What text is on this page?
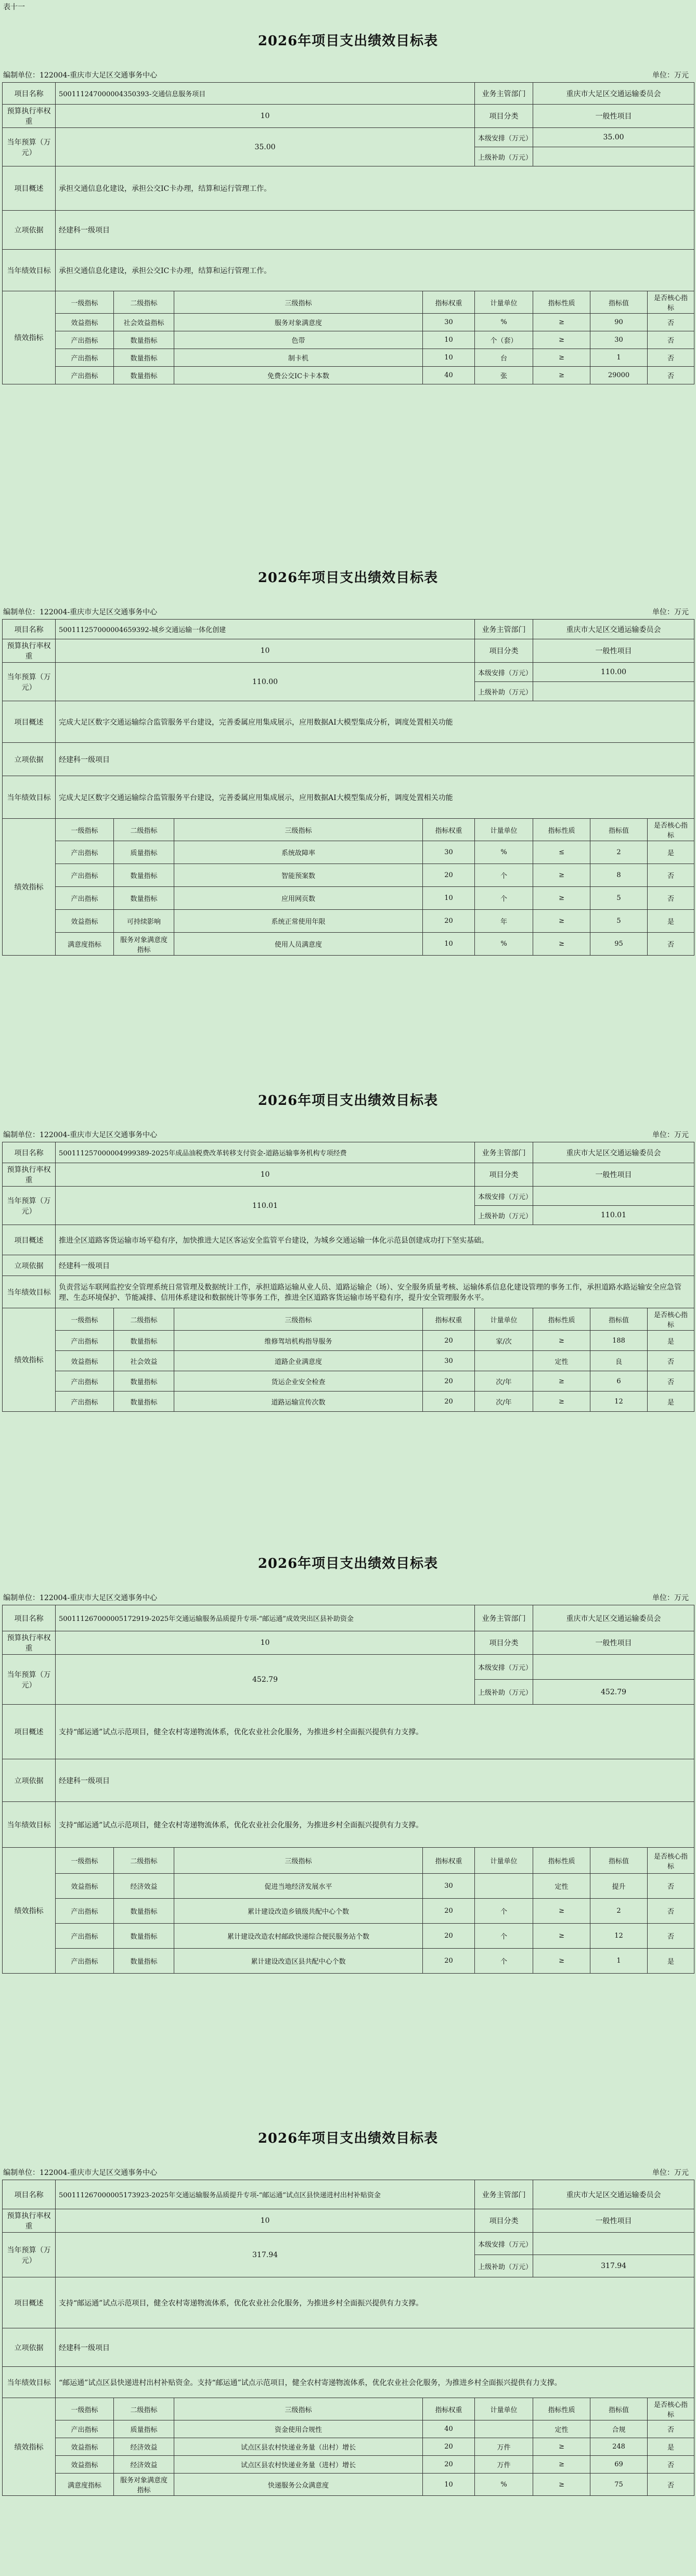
表十一
2026年项目支出绩效目标表
编制单位：122004-重庆市大足区交通事务中心	单位：万元
项目名称	500111247000004350393-交通信息服务项目				业务主管部门	重庆市大足区交通运输委员会		
预算执行率权重	10				项目分类	一般性项目		
当年预算（万元）	35.00				本级安排（万元）	35.00		
					上级补助（万元）			
项目概述	承担交通信息化建设，承担公交IC卡办理，结算和运行管理工作。							
立项依据	经建科一级项目							
当年绩效目标	承担交通信息化建设，承担公交IC卡办理，结算和运行管理工作。							
绩效指标	一级指标	二级指标	三级指标	指标权重	计量单位	指标性质	指标值	是否核心指标
	效益指标	社会效益指标	服务对象满意度	30	%	≥	90	否
	产出指标	数量指标	色带	10	个（套）	≥	30	否
	产出指标	数量指标	制卡机	10	台	≥	1	否
	产出指标	数量指标	免费公交IC卡卡本数	40	张	≥	29000	否
2026年项目支出绩效目标表
编制单位：122004-重庆市大足区交通事务中心	单位：万元
项目名称	500111257000004659392-城乡交通运输一体化创建				业务主管部门	重庆市大足区交通运输委员会		
预算执行率权重	10				项目分类	一般性项目		
当年预算（万元）	110.00				本级安排（万元）	110.00		
					上级补助（万元）			
项目概述	完成大足区数字交通运输综合监管服务平台建设，完善委属应用集成展示，应用数据AI大模型集成分析，调度处置相关功能							
立项依据	经建科一级项目							
当年绩效目标	完成大足区数字交通运输综合监管服务平台建设，完善委属应用集成展示，应用数据AI大模型集成分析，调度处置相关功能							
绩效指标	一级指标	二级指标	三级指标	指标权重	计量单位	指标性质	指标值	是否核心指标
	产出指标	质量指标	系统故障率	30	%	≤	2	是
	产出指标	数量指标	智能预案数	20	个	≥	8	否
	产出指标	数量指标	应用网页数	10	个	≥	5	否
	效益指标	可持续影响	系统正常使用年限	20	年	≥	5	是
	满意度指标	服务对象满意度指标	使用人员满意度	10	%	≥	95	否
2026年项目支出绩效目标表
编制单位：122004-重庆市大足区交通事务中心	单位：万元
项目名称	500111257000004999389-2025年成品油税费改革转移支付资金-道路运输事务机构专项经费				业务主管部门	重庆市大足区交通运输委员会		
预算执行率权重	10				项目分类	一般性项目		
当年预算（万元）	110.01				本级安排（万元）			
					上级补助（万元）	110.01		
项目概述	推进全区道路客货运输市场平稳有序，加快推进大足区客运安全监管平台建设，为城乡交通运输一体化示范县创建成功打下坚实基础。							
立项依据	经建科一级项目							
当年绩效目标	负责营运车联网监控安全管理系统日常管理及数据统计工作，承担道路运输从业人员、道路运输企（场）、安全服务质量考核、运输体系信息化建设管理的事务工作，承担道路水路运输安全应急管理、生态环境保护、节能减排、信用体系建设和数据统计等事务工作，推进全区道路客货运输市场平稳有序，提升安全管理服务水平。							
绩效指标	一级指标	二级指标	三级指标	指标权重	计量单位	指标性质	指标值	是否核心指标
	产出指标	数量指标	维修驾培机构指导服务	20	家/次	≥	188	是
	效益指标	社会效益	道路企业满意度	30		定性	良	否
	产出指标	数量指标	货运企业安全检查	20	次/年	≥	6	否
	产出指标	数量指标	道路运输宣传次数	20	次/年	≥	12	是
2026年项目支出绩效目标表
编制单位：122004-重庆市大足区交通事务中心	单位：万元
项目名称	500111267000005172919-2025年交通运输服务品质提升专项-“邮运通”成效突出区县补助资金				业务主管部门	重庆市大足区交通运输委员会		
预算执行率权重	10				项目分类	一般性项目		
当年预算（万元）	452.79				本级安排（万元）			
					上级补助（万元）	452.79		
项目概述	支持“邮运通”试点示范项目，健全农村寄递物流体系，优化农业社会化服务，为推进乡村全面振兴提供有力支撑。							
立项依据	经建科一级项目							
当年绩效目标	支持“邮运通”试点示范项目，健全农村寄递物流体系，优化农业社会化服务，为推进乡村全面振兴提供有力支撑。							
绩效指标	一级指标	二级指标	三级指标	指标权重	计量单位	指标性质	指标值	是否核心指标
	效益指标	经济效益	促进当地经济发展水平	30		定性	提升	否
	产出指标	数量指标	累计建设改造乡镇级共配中心个数	20	个	≥	2	否
	产出指标	数量指标	累计建设改造农村邮政快递综合便民服务站个数	20	个	≥	12	否
	产出指标	数量指标	累计建设改造区县共配中心个数	20	个	≥	1	是
2026年项目支出绩效目标表
编制单位：122004-重庆市大足区交通事务中心	单位：万元
项目名称	500111267000005173923-2025年交通运输服务品质提升专项-“邮运通”试点区县快递进村出村补贴资金				业务主管部门	重庆市大足区交通运输委员会		
预算执行率权重	10				项目分类	一般性项目		
当年预算（万元）	317.94				本级安排（万元）			
					上级补助（万元）	317.94		
项目概述	支持“邮运通”试点示范项目，健全农村寄递物流体系，优化农业社会化服务，为推进乡村全面振兴提供有力支撑。							
立项依据	经建科一级项目							
当年绩效目标	“邮运通”试点区县快递进村出村补贴资金。支持“邮运通”试点示范项目，健全农村寄递物流体系，优化农业社会化服务，为推进乡村全面振兴提供有力支撑。							
绩效指标	一级指标	二级指标	三级指标	指标权重	计量单位	指标性质	指标值	是否核心指标
	产出指标	质量指标	资金使用合规性	40		定性	合规	否
	效益指标	经济效益	试点区县农村快递业务量（出村）增长	20	万件	≥	248	是
	效益指标	经济效益	试点区县农村快递业务量（进村）增长	20	万件	≥	69	否
	满意度指标	服务对象满意度指标	快递服务公众满意度	10	%	≥	75	否
